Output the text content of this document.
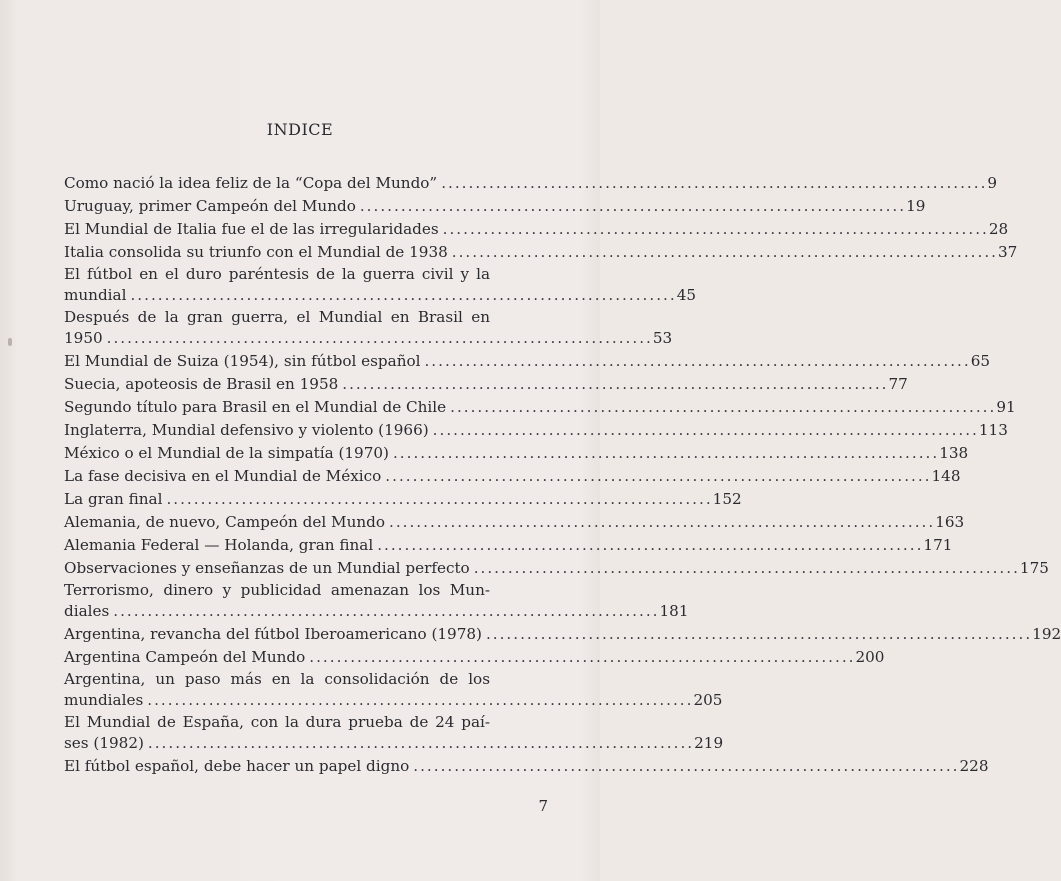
INDICE
Como nació la idea feliz de la “Copa del Mundo” ................................................................................ 9
Uruguay, primer Campeón del Mundo ................................................................................ 19
El Mundial de Italia fue el de las irregularidades ................................................................................ 28
Italia consolida su triunfo con el Mundial de 1938 ................................................................................ 37
El fútbol en el duro paréntesis de la guerra civil y la
mundial ................................................................................ 45
Después de la gran guerra, el Mundial en Brasil en
1950 ................................................................................ 53
El Mundial de Suiza (1954), sin fútbol español ................................................................................ 65
Suecia, apoteosis de Brasil en 1958 ................................................................................ 77
Segundo título para Brasil en el Mundial de Chile ................................................................................ 91
Inglaterra, Mundial defensivo y violento (1966) ................................................................................ 113
México o el Mundial de la simpatía (1970) ................................................................................ 138
La fase decisiva en el Mundial de México ................................................................................ 148
La gran final ................................................................................ 152
Alemania, de nuevo, Campeón del Mundo ................................................................................ 163
Alemania Federal — Holanda, gran final ................................................................................ 171
Observaciones y enseñanzas de un Mundial perfecto ................................................................................ 175
Terrorismo, dinero y publicidad amenazan los Mun-
diales ................................................................................ 181
Argentina, revancha del fútbol Iberoamericano (1978) ................................................................................ 192
Argentina Campeón del Mundo ................................................................................ 200
Argentina, un paso más en la consolidación de los
mundiales ................................................................................ 205
El Mundial de España, con la dura prueba de 24 paí-
ses (1982) ................................................................................ 219
El fútbol español, debe hacer un papel digno ................................................................................ 228
7
